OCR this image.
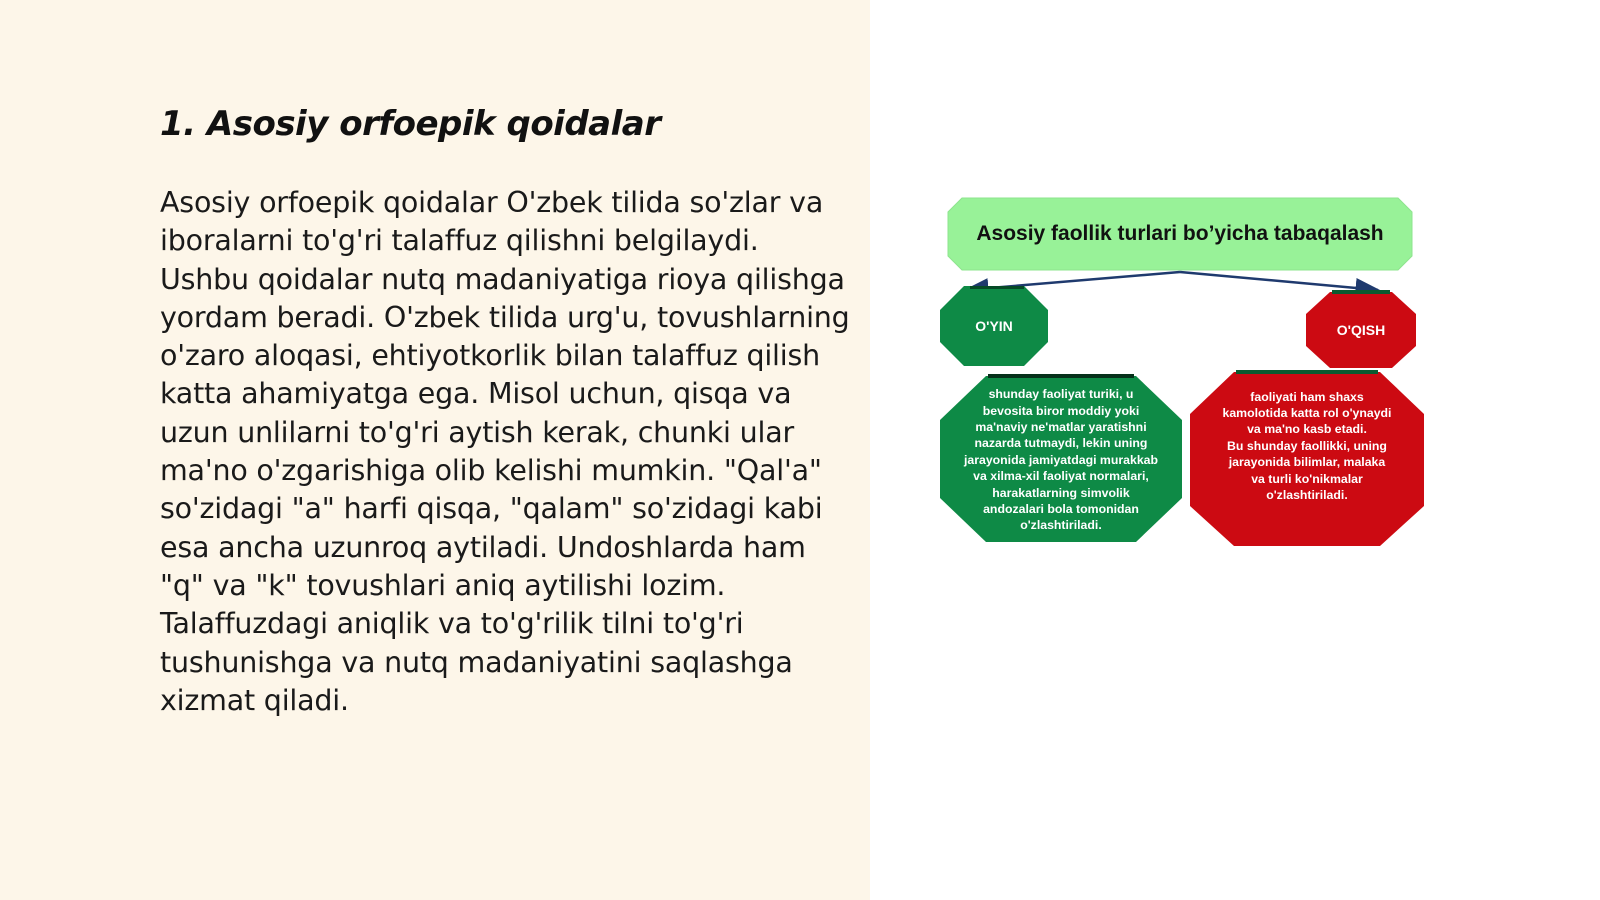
1. Asosiy orfoepik qoidalar

Asosiy orfoepik qoidalar O'zbek tilida so'zlar va iboralarni to'g'ri talaffuz qilishni belgilaydi. Ushbu qoidalar nutq madaniyatiga rioya qilishga yordam beradi. O'zbek tilida urg'u, tovushlarning o'zaro aloqasi, ehtiyotkorlik bilan talaffuz qilish katta ahamiyatga ega. Misol uchun, qisqa va uzun unlilarni to'g'ri aytish kerak, chunki ular ma'no o'zgarishiga olib kelishi mumkin. "Qal'a" so'zidagi "a" harfi qisqa, "qalam" so'zidagi kabi esa ancha uzunroq aytiladi. Undoshlarda ham "q" va "k" tovushlari aniq aytilishi lozim. Talaffuzdagi aniqlik va to'g'rilik tilni to'g'ri tushunishga va nutq madaniyatini saqlashga xizmat qiladi.

Asosiy faollik turlari bo’yicha tabaqalash
O'YIN	O'QISH
shunday faoliyat turiki, u
bevosita biror moddiy yoki
ma'naviy ne'matlar yaratishni
nazarda tutmaydi, lekin uning
jarayonida jamiyatdagi murakkab
va xilma-xil faoliyat normalari,
harakatlarning simvolik
andozalari bola tomonidan
o'zlashtiriladi.
faoliyati ham shaxs
kamolotida katta rol o'ynaydi
va ma'no kasb etadi.
Bu shunday faollikki, uning
jarayonida bilimlar, malaka
va turli ko'nikmalar
o'zlashtiriladi.
